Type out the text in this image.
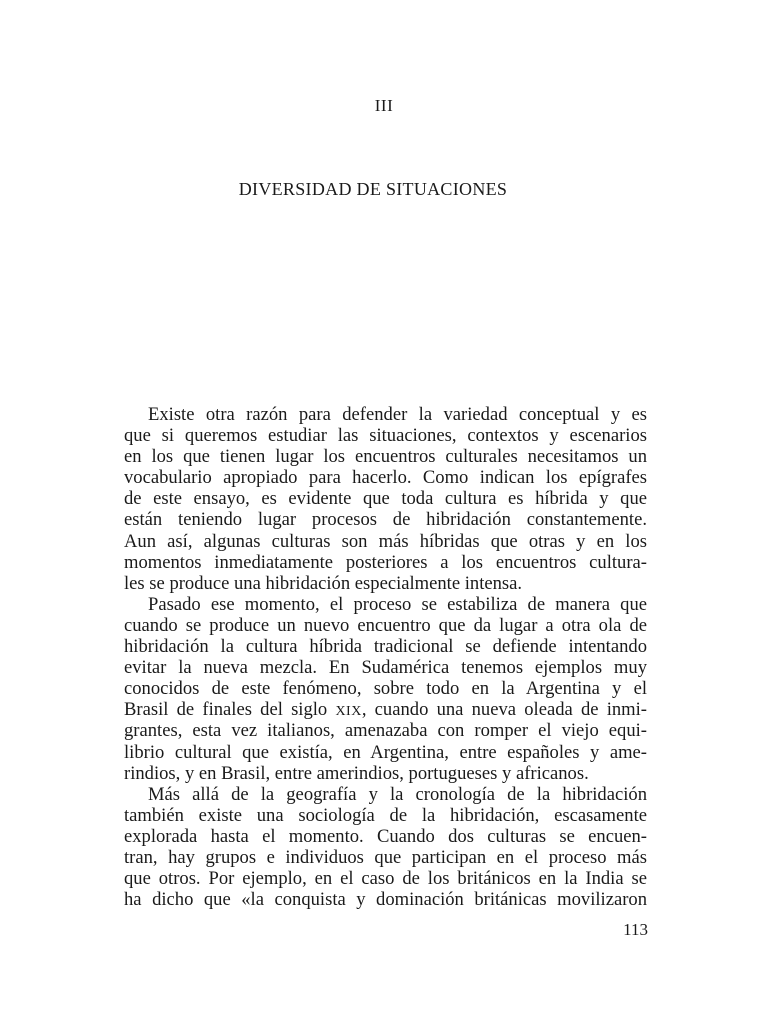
III
DIVERSIDAD DE SITUACIONES
Existe otra razón para defender la variedad conceptual y es
que si queremos estudiar las situaciones, contextos y escenarios
en los que tienen lugar los encuentros culturales necesitamos un
vocabulario apropiado para hacerlo. Como indican los epígrafes
de este ensayo, es evidente que toda cultura es híbrida y que
están teniendo lugar procesos de hibridación constantemente.
Aun así, algunas culturas son más híbridas que otras y en los
momentos inmediatamente posteriores a los encuentros cultura-
les se produce una hibridación especialmente intensa.
Pasado ese momento, el proceso se estabiliza de manera que
cuando se produce un nuevo encuentro que da lugar a otra ola de
hibridación la cultura híbrida tradicional se defiende intentando
evitar la nueva mezcla. En Sudamérica tenemos ejemplos muy
conocidos de este fenómeno, sobre todo en la Argentina y el
Brasil de finales del siglo XIX, cuando una nueva oleada de inmi-
grantes, esta vez italianos, amenazaba con romper el viejo equi-
librio cultural que existía, en Argentina, entre españoles y ame-
rindios, y en Brasil, entre amerindios, portugueses y africanos.
Más allá de la geografía y la cronología de la hibridación
también existe una sociología de la hibridación, escasamente
explorada hasta el momento. Cuando dos culturas se encuen-
tran, hay grupos e individuos que participan en el proceso más
que otros. Por ejemplo, en el caso de los británicos en la India se
ha dicho que «la conquista y dominación británicas movilizaron
113
